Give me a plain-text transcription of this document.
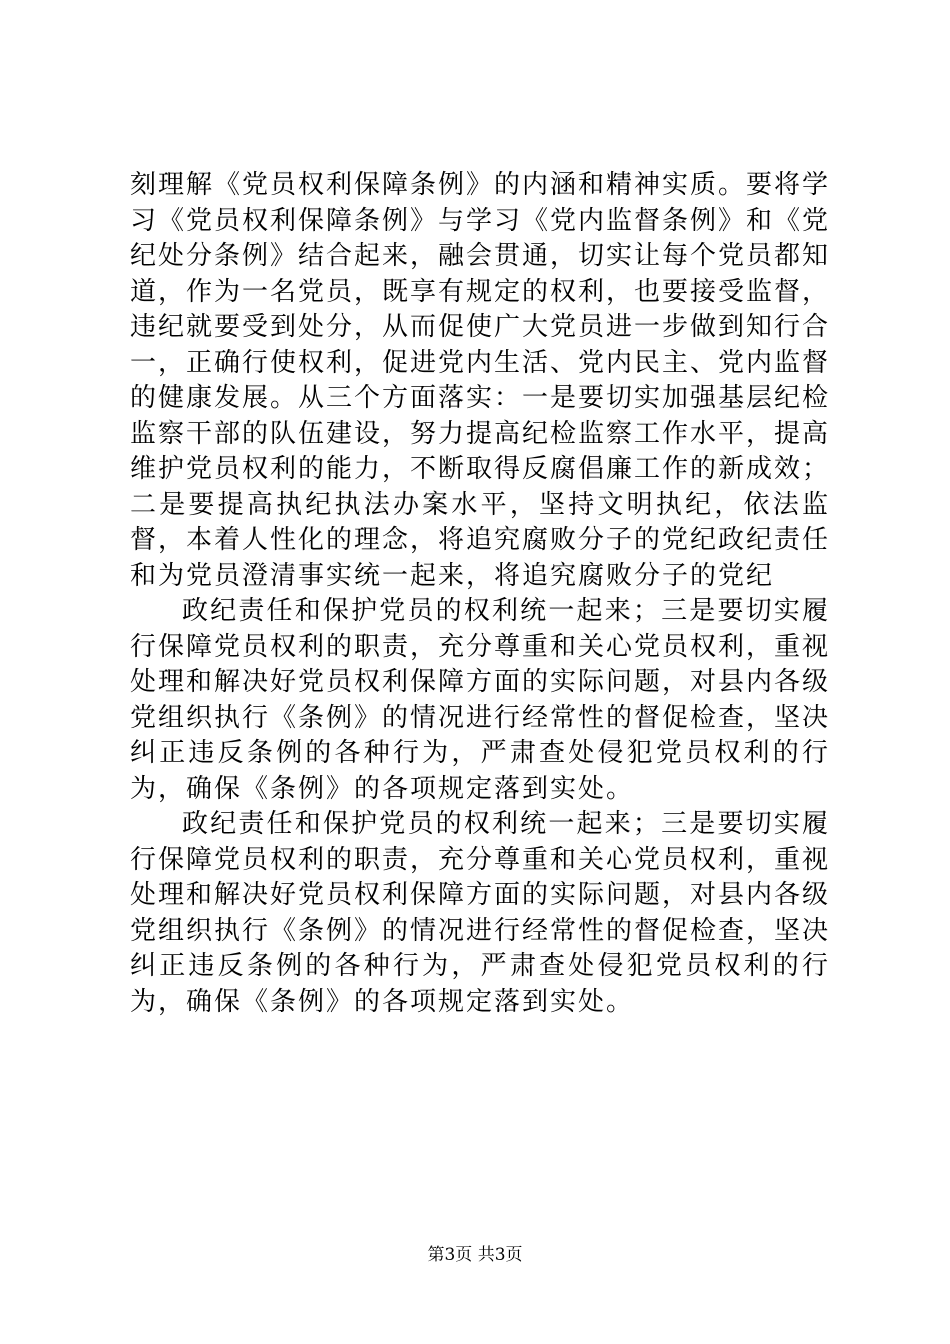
刻理解《党员权利保障条例》的内涵和精神实质。要将学习《党员权利保障条例》与学习《党内监督条例》和《党纪处分条例》结合起来，融会贯通，切实让每个党员都知道，作为一名党员，既享有规定的权利，也要接受监督，违纪就要受到处分，从而促使广大党员进一步做到知行合一，正确行使权利，促进党内生活、党内民主、党内监督的健康发展。从三个方面落实：一是要切实加强基层纪检监察干部的队伍建设，努力提高纪检监察工作水平，提高维护党员权利的能力，不断取得反腐倡廉工作的新成效；二是要提高执纪执法办案水平，坚持文明执纪，依法监督，本着人性化的理念，将追究腐败分子的党纪政纪责任和为党员澄清事实统一起来，将追究腐败分子的党纪

政纪责任和保护党员的权利统一起来；三是要切实履行保障党员权利的职责，充分尊重和关心党员权利，重视处理和解决好党员权利保障方面的实际问题，对县内各级党组织执行《条例》的情况进行经常性的督促检查，坚决纠正违反条例的各种行为，严肃查处侵犯党员权利的行为，确保《条例》的各项规定落到实处。

政纪责任和保护党员的权利统一起来；三是要切实履行保障党员权利的职责，充分尊重和关心党员权利，重视处理和解决好党员权利保障方面的实际问题，对县内各级党组织执行《条例》的情况进行经常性的督促检查，坚决纠正违反条例的各种行为，严肃查处侵犯党员权利的行为，确保《条例》的各项规定落到实处。

第3页 共3页
